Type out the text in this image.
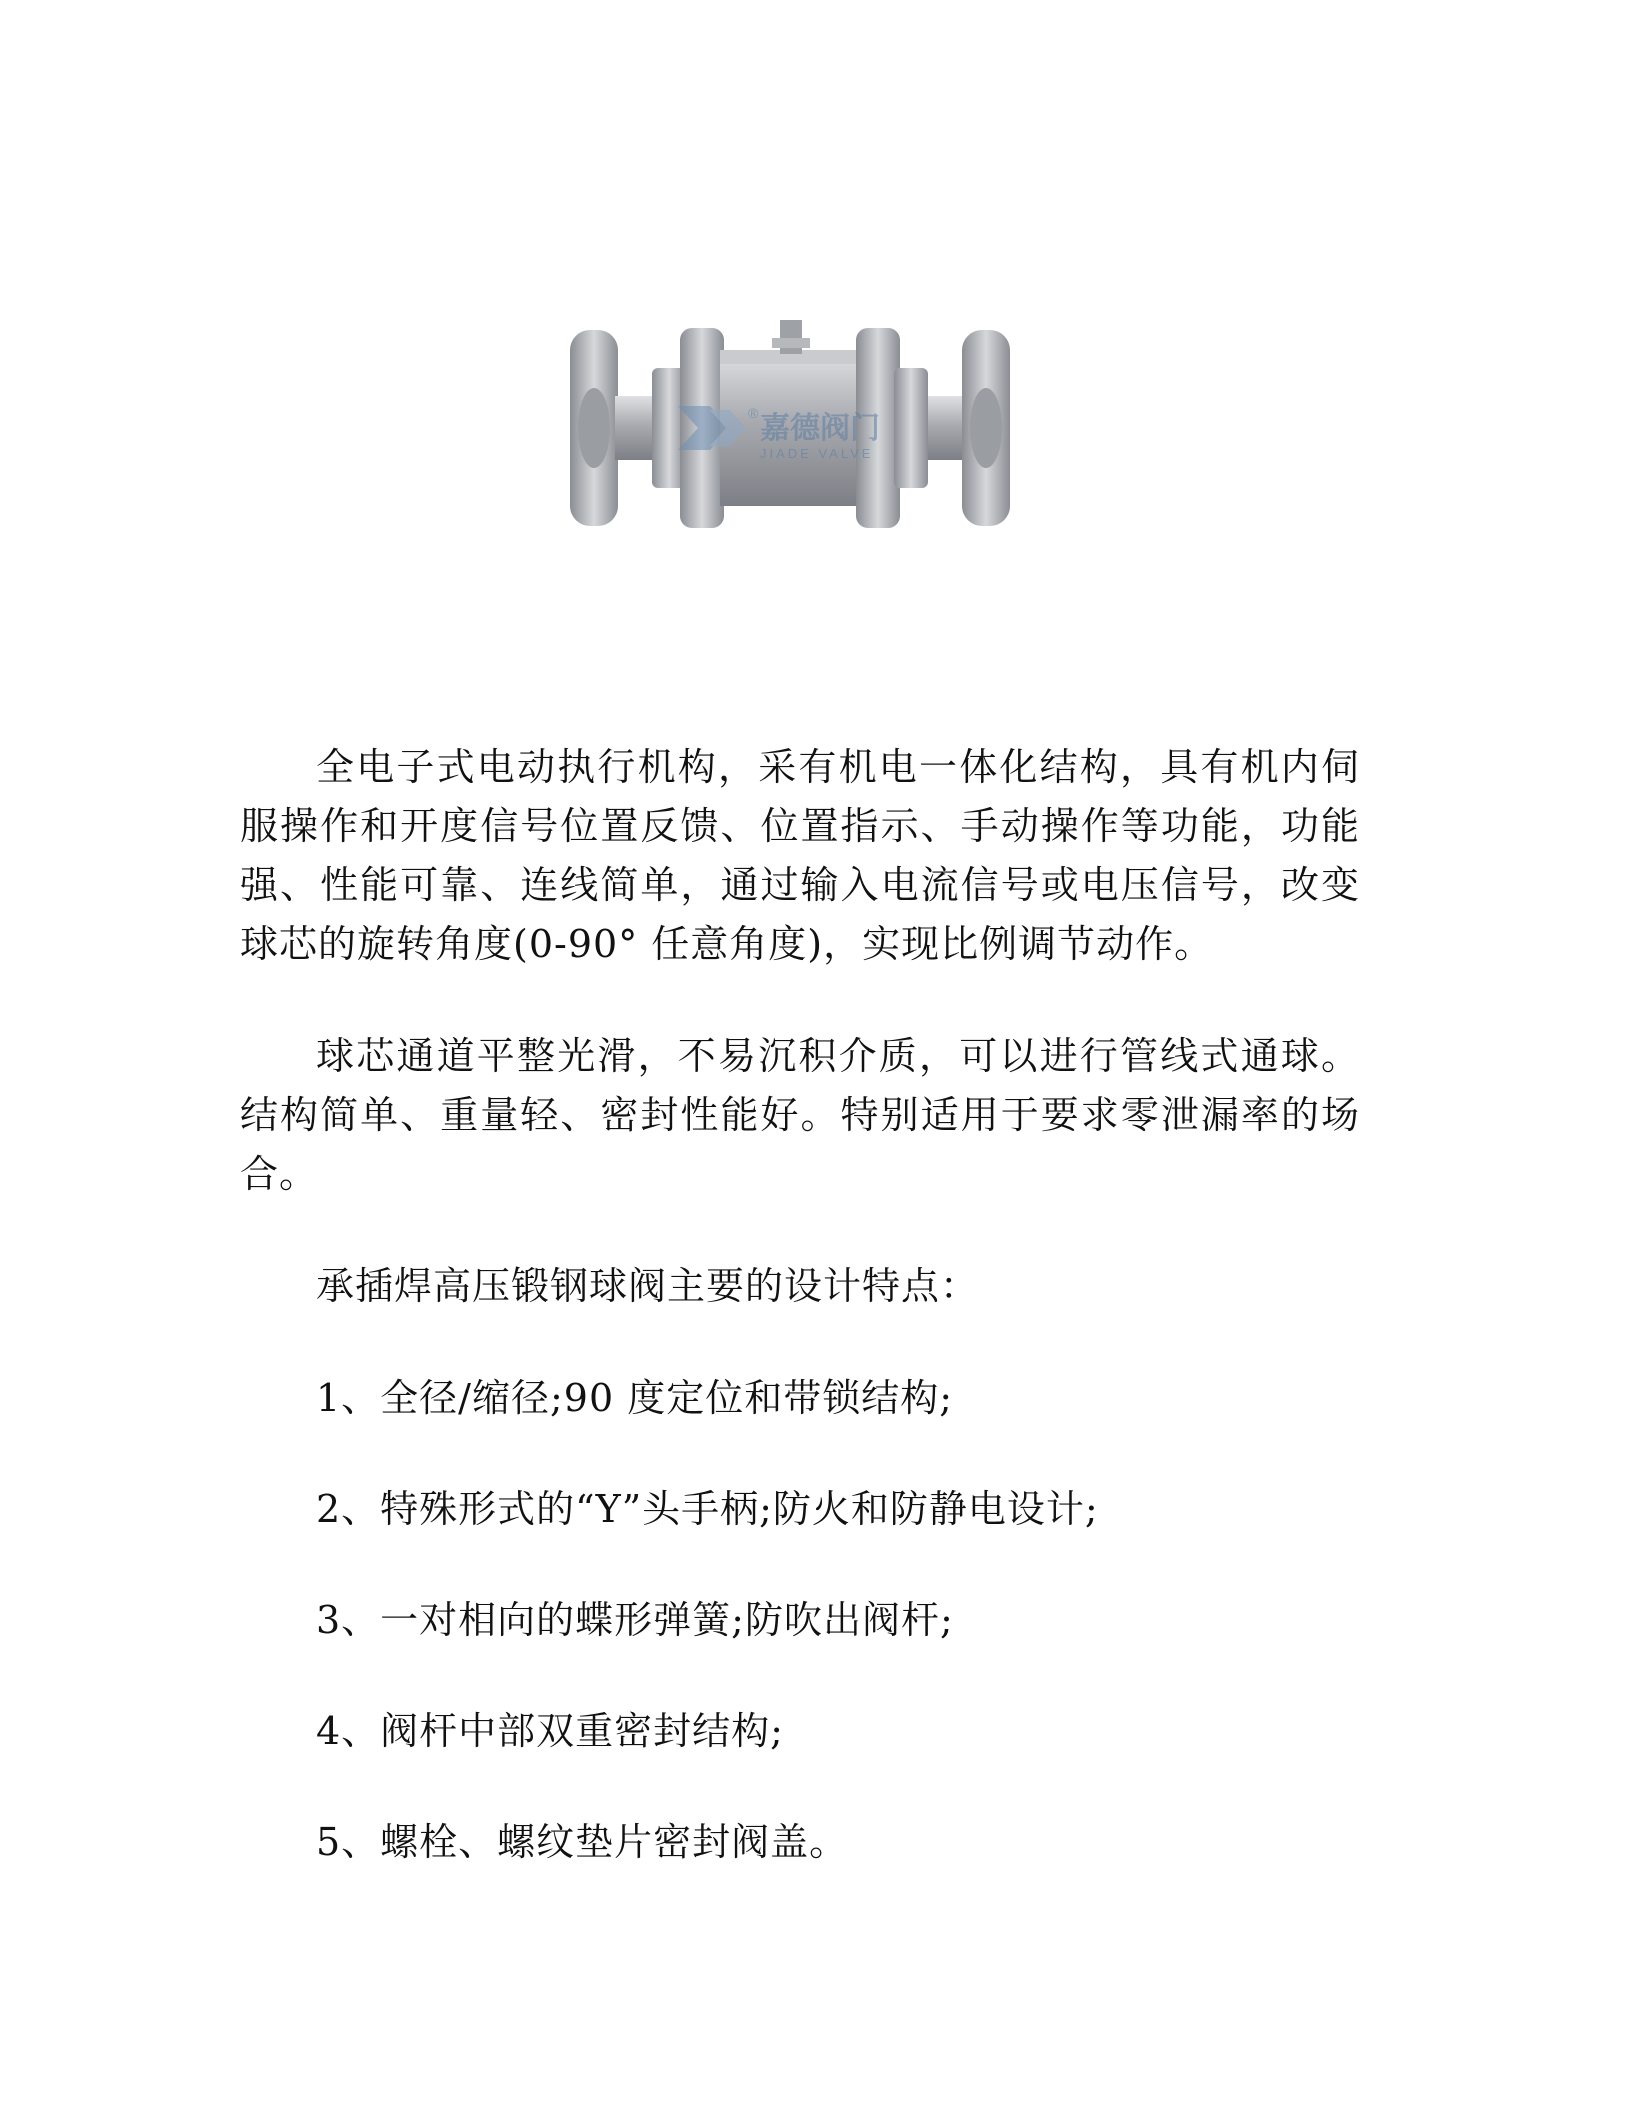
® 嘉德阀门
JIADE VALVE

全电子式电动执行机构，采有机电一体化结构，具有机内伺服操作和开度信号位置反馈、位置指示、手动操作等功能，功能强、性能可靠、连线简单，通过输入电流信号或电压信号，改变球芯的旋转角度(0-90° 任意角度)，实现比例调节动作。

球芯通道平整光滑，不易沉积介质，可以进行管线式通球。结构简单、重量轻、密封性能好。特别适用于要求零泄漏率的场合。

承插焊高压锻钢球阀主要的设计特点：

1、全径/缩径;90 度定位和带锁结构;
2、特殊形式的“Y”头手柄;防火和防静电设计;
3、一对相向的蝶形弹簧;防吹出阀杆;
4、阀杆中部双重密封结构;
5、螺栓、螺纹垫片密封阀盖。
